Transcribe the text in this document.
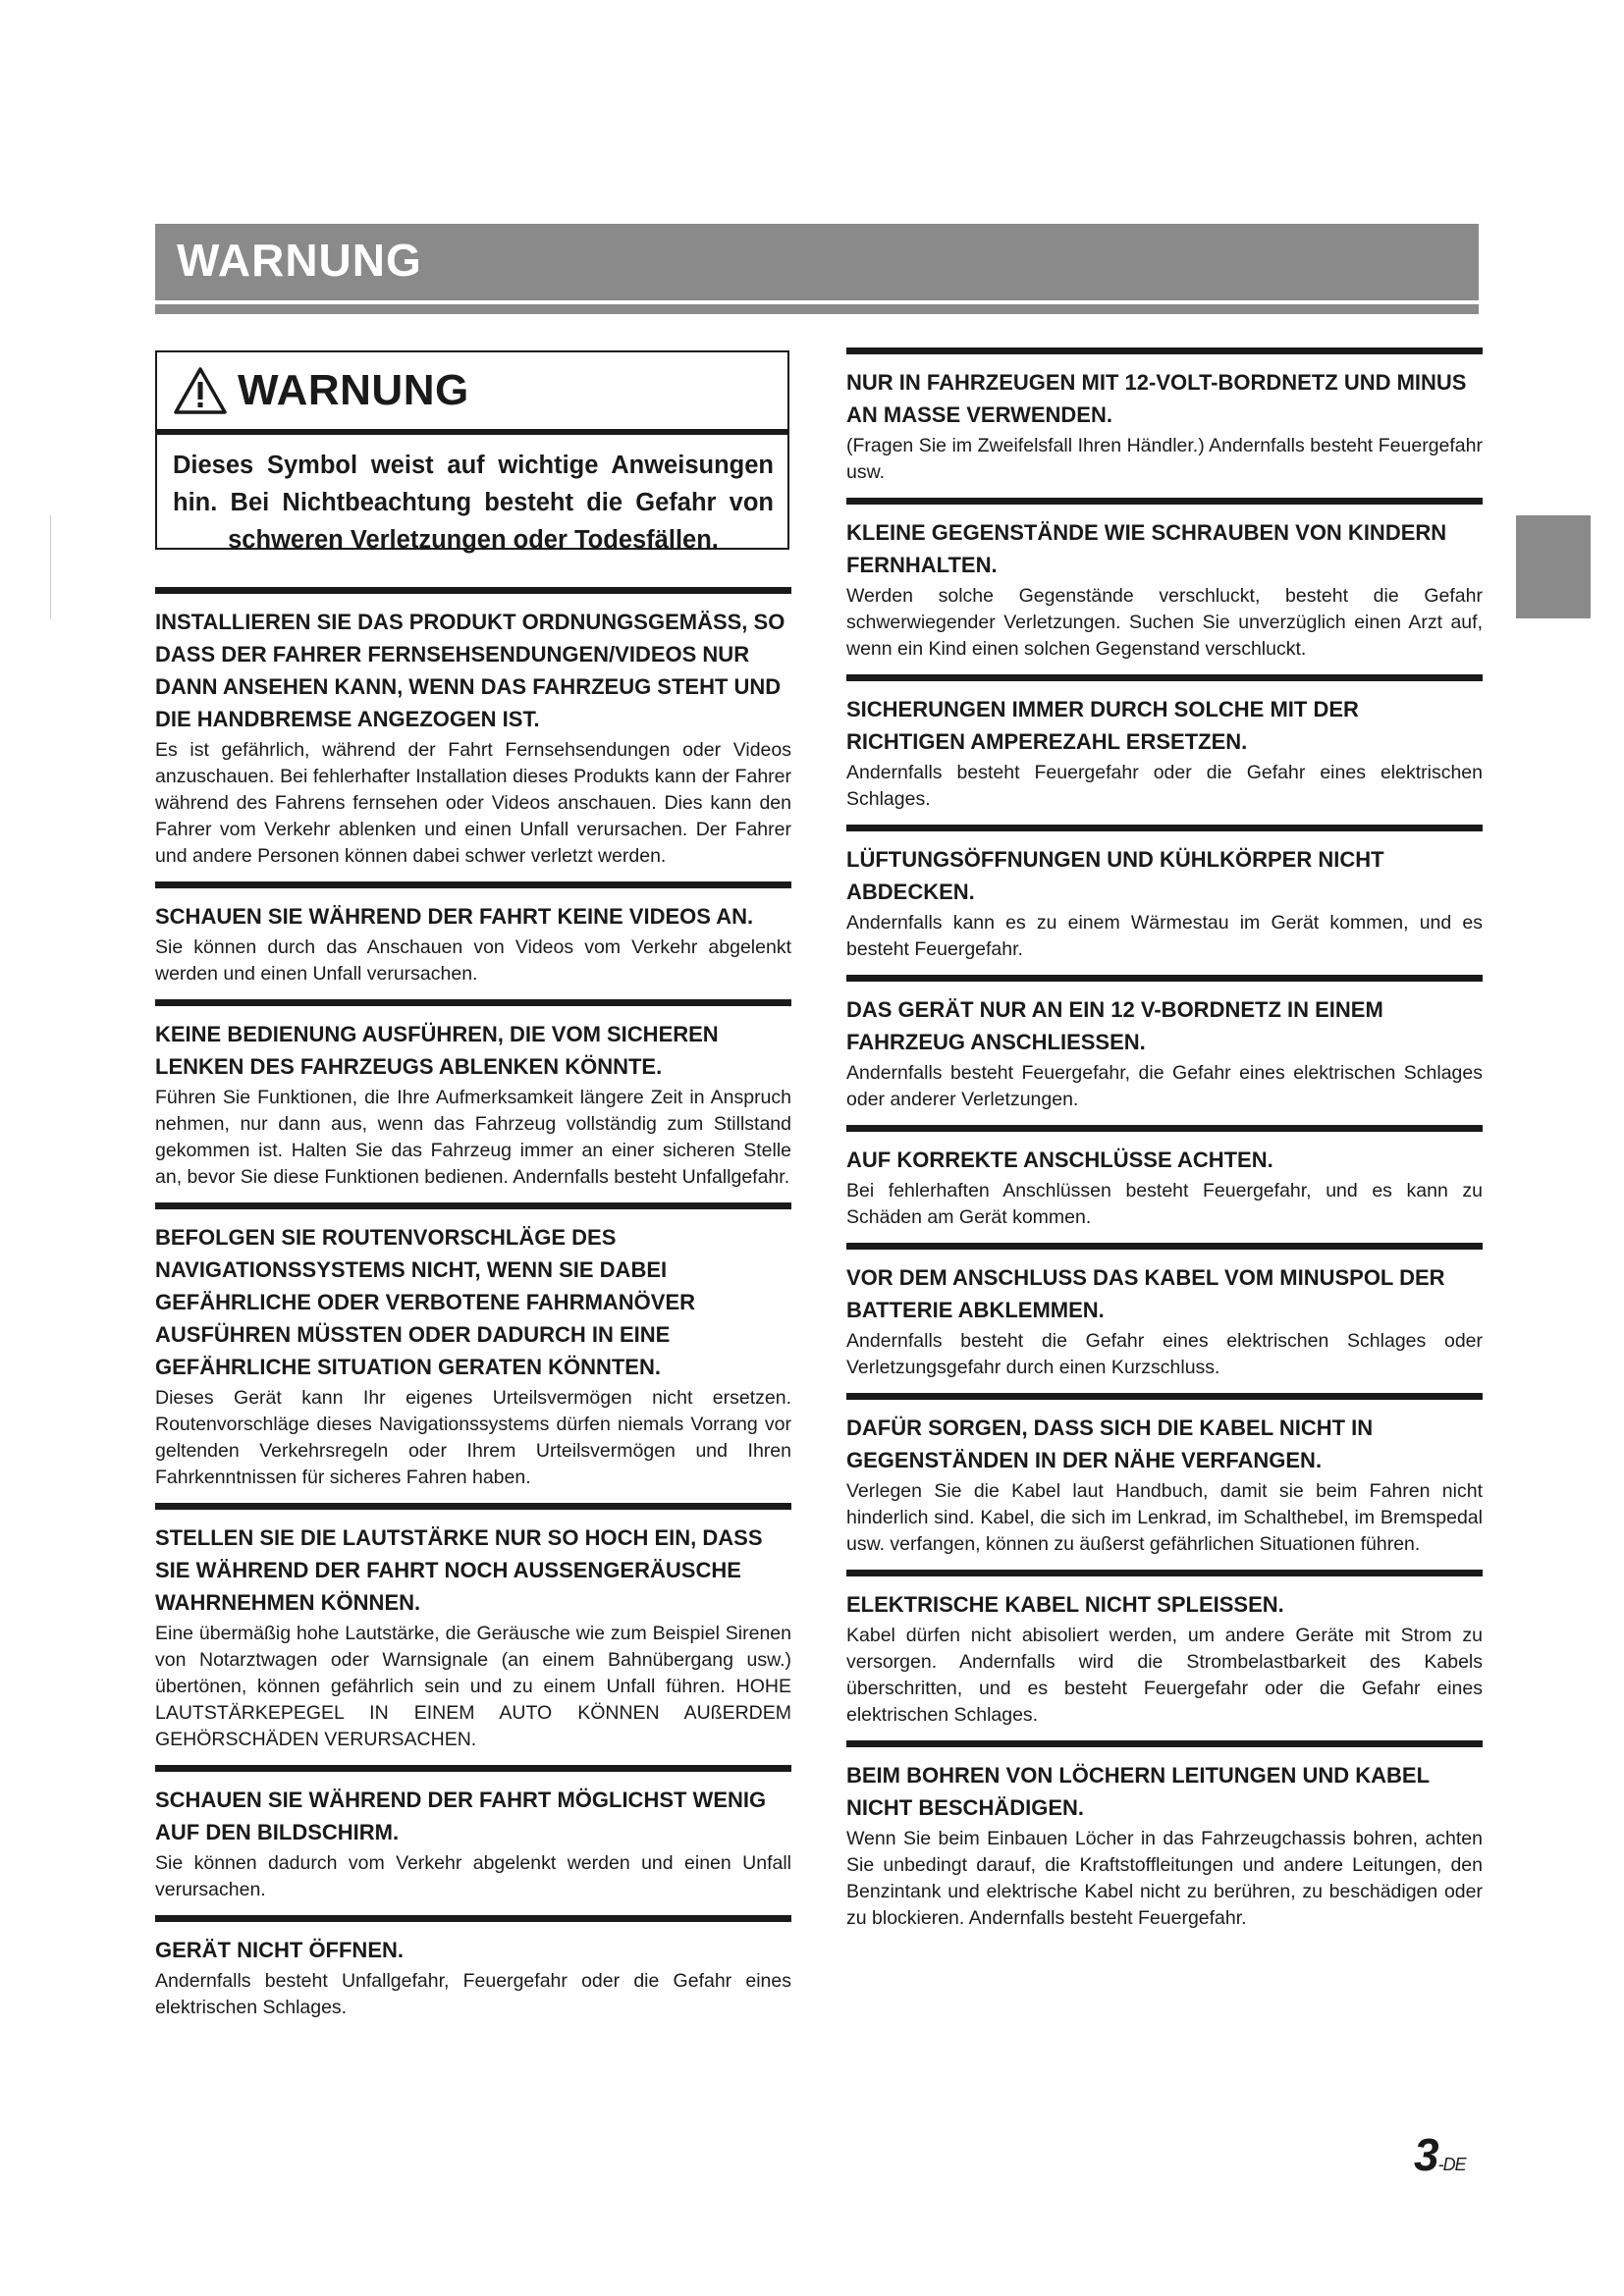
WARNUNG
WARNUNG
Dieses Symbol weist auf wichtige Anweisungen hin. Bei Nichtbeachtung besteht die Gefahr von schweren Verletzungen oder Todesfällen.
INSTALLIEREN SIE DAS PRODUKT ORDNUNGSGEMÄSS, SO DASS DER FAHRER FERNSEHSENDUNGEN/VIDEOS NUR DANN ANSEHEN KANN, WENN DAS FAHRZEUG STEHT UND DIE HANDBREMSE ANGEZOGEN IST.
Es ist gefährlich, während der Fahrt Fernsehsendungen oder Videos anzuschauen. Bei fehlerhafter Installation dieses Produkts kann der Fahrer während des Fahrens fernsehen oder Videos anschauen. Dies kann den Fahrer vom Verkehr ablenken und einen Unfall verursachen. Der Fahrer und andere Personen können dabei schwer verletzt werden.
SCHAUEN SIE WÄHREND DER FAHRT KEINE VIDEOS AN.
Sie können durch das Anschauen von Videos vom Verkehr abgelenkt werden und einen Unfall verursachen.
KEINE BEDIENUNG AUSFÜHREN, DIE VOM SICHEREN LENKEN DES FAHRZEUGS ABLENKEN KÖNNTE.
Führen Sie Funktionen, die Ihre Aufmerksamkeit längere Zeit in Anspruch nehmen, nur dann aus, wenn das Fahrzeug vollständig zum Stillstand gekommen ist. Halten Sie das Fahrzeug immer an einer sicheren Stelle an, bevor Sie diese Funktionen bedienen. Andernfalls besteht Unfallgefahr.
BEFOLGEN SIE ROUTENVORSCHLÄGE DES NAVIGATIONSSYSTEMS NICHT, WENN SIE DABEI GEFÄHRLICHE ODER VERBOTENE FAHRMANÖVER AUSFÜHREN MÜSSTEN ODER DADURCH IN EINE GEFÄHRLICHE SITUATION GERATEN KÖNNTEN.
Dieses Gerät kann Ihr eigenes Urteilsvermögen nicht ersetzen. Routenvorschläge dieses Navigationssystems dürfen niemals Vorrang vor geltenden Verkehrsregeln oder Ihrem Urteilsvermögen und Ihren Fahrkenntnissen für sicheres Fahren haben.
STELLEN SIE DIE LAUTSTÄRKE NUR SO HOCH EIN, DASS SIE WÄHREND DER FAHRT NOCH AUSSENGERÄUSCHE WAHRNEHMEN KÖNNEN.
Eine übermäßig hohe Lautstärke, die Geräusche wie zum Beispiel Sirenen von Notarztwagen oder Warnsignale (an einem Bahnübergang usw.) übertönen, können gefährlich sein und zu einem Unfall führen. HOHE LAUTSTÄRKEPEGEL IN EINEM AUTO KÖNNEN AUßERDEM GEHÖRSCHÄDEN VERURSACHEN.
SCHAUEN SIE WÄHREND DER FAHRT MÖGLICHST WENIG AUF DEN BILDSCHIRM.
Sie können dadurch vom Verkehr abgelenkt werden und einen Unfall verursachen.
GERÄT NICHT ÖFFNEN.
Andernfalls besteht Unfallgefahr, Feuergefahr oder die Gefahr eines elektrischen Schlages.
NUR IN FAHRZEUGEN MIT 12-VOLT-BORDNETZ UND MINUS AN MASSE VERWENDEN.
(Fragen Sie im Zweifelsfall Ihren Händler.) Andernfalls besteht Feuergefahr usw.
KLEINE GEGENSTÄNDE WIE SCHRAUBEN VON KINDERN FERNHALTEN.
Werden solche Gegenstände verschluckt, besteht die Gefahr schwerwiegender Verletzungen. Suchen Sie unverzüglich einen Arzt auf, wenn ein Kind einen solchen Gegenstand verschluckt.
SICHERUNGEN IMMER DURCH SOLCHE MIT DER RICHTIGEN AMPEREZAHL ERSETZEN.
Andernfalls besteht Feuergefahr oder die Gefahr eines elektrischen Schlages.
LÜFTUNGSÖFFNUNGEN UND KÜHLKÖRPER NICHT ABDECKEN.
Andernfalls kann es zu einem Wärmestau im Gerät kommen, und es besteht Feuergefahr.
DAS GERÄT NUR AN EIN 12 V-BORDNETZ IN EINEM FAHRZEUG ANSCHLIESSEN.
Andernfalls besteht Feuergefahr, die Gefahr eines elektrischen Schlages oder anderer Verletzungen.
AUF KORREKTE ANSCHLÜSSE ACHTEN.
Bei fehlerhaften Anschlüssen besteht Feuergefahr, und es kann zu Schäden am Gerät kommen.
VOR DEM ANSCHLUSS DAS KABEL VOM MINUSPOL DER BATTERIE ABKLEMMEN.
Andernfalls besteht die Gefahr eines elektrischen Schlages oder Verletzungsgefahr durch einen Kurzschluss.
DAFÜR SORGEN, DASS SICH DIE KABEL NICHT IN GEGENSTÄNDEN IN DER NÄHE VERFANGEN.
Verlegen Sie die Kabel laut Handbuch, damit sie beim Fahren nicht hinderlich sind. Kabel, die sich im Lenkrad, im Schalthebel, im Bremspedal usw. verfangen, können zu äußerst gefährlichen Situationen führen.
ELEKTRISCHE KABEL NICHT SPLEISSEN.
Kabel dürfen nicht abisoliert werden, um andere Geräte mit Strom zu versorgen. Andernfalls wird die Strombelastbarkeit des Kabels überschritten, und es besteht Feuergefahr oder die Gefahr eines elektrischen Schlages.
BEIM BOHREN VON LÖCHERN LEITUNGEN UND KABEL NICHT BESCHÄDIGEN.
Wenn Sie beim Einbauen Löcher in das Fahrzeugchassis bohren, achten Sie unbedingt darauf, die Kraftstoffleitungen und andere Leitungen, den Benzintank und elektrische Kabel nicht zu berühren, zu beschädigen oder zu blockieren. Andernfalls besteht Feuergefahr.
3-DE
